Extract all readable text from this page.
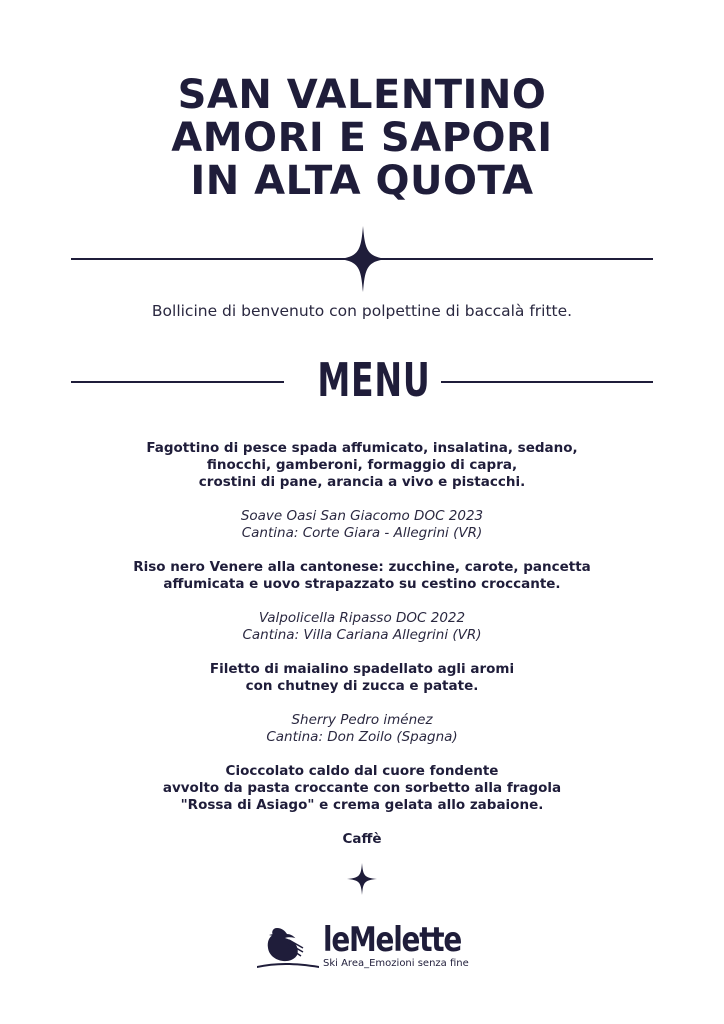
SAN VALENTINO
AMORI E SAPORI
IN ALTA QUOTA
Bollicine di benvenuto con polpettine di baccalà fritte.
MENU

Fagottino di pesce spada affumicato, insalatina, sedano,

finocchi, gamberoni, formaggio di capra,

crostini di pane, arancia a vivo e pistacchi.

Soave Oasi San Giacomo DOC 2023

Cantina: Corte Giara - Allegrini (VR)

Riso nero Venere alla cantonese: zucchine, carote, pancetta

affumicata e uovo strapazzato su cestino croccante.

Valpolicella Ripasso DOC 2022

Cantina: Villa Cariana Allegrini (VR)

Filetto di maialino spadellato agli aromi

con chutney di zucca e patate.

Sherry Pedro iménez

Cantina: Don Zoilo (Spagna)

Cioccolato caldo dal cuore fondente

avvolto da pasta croccante con sorbetto alla fragola

"Rossa di Asiago" e crema gelata allo zabaione.

Caffè

leMelette
Ski Area_Emozioni senza fine
